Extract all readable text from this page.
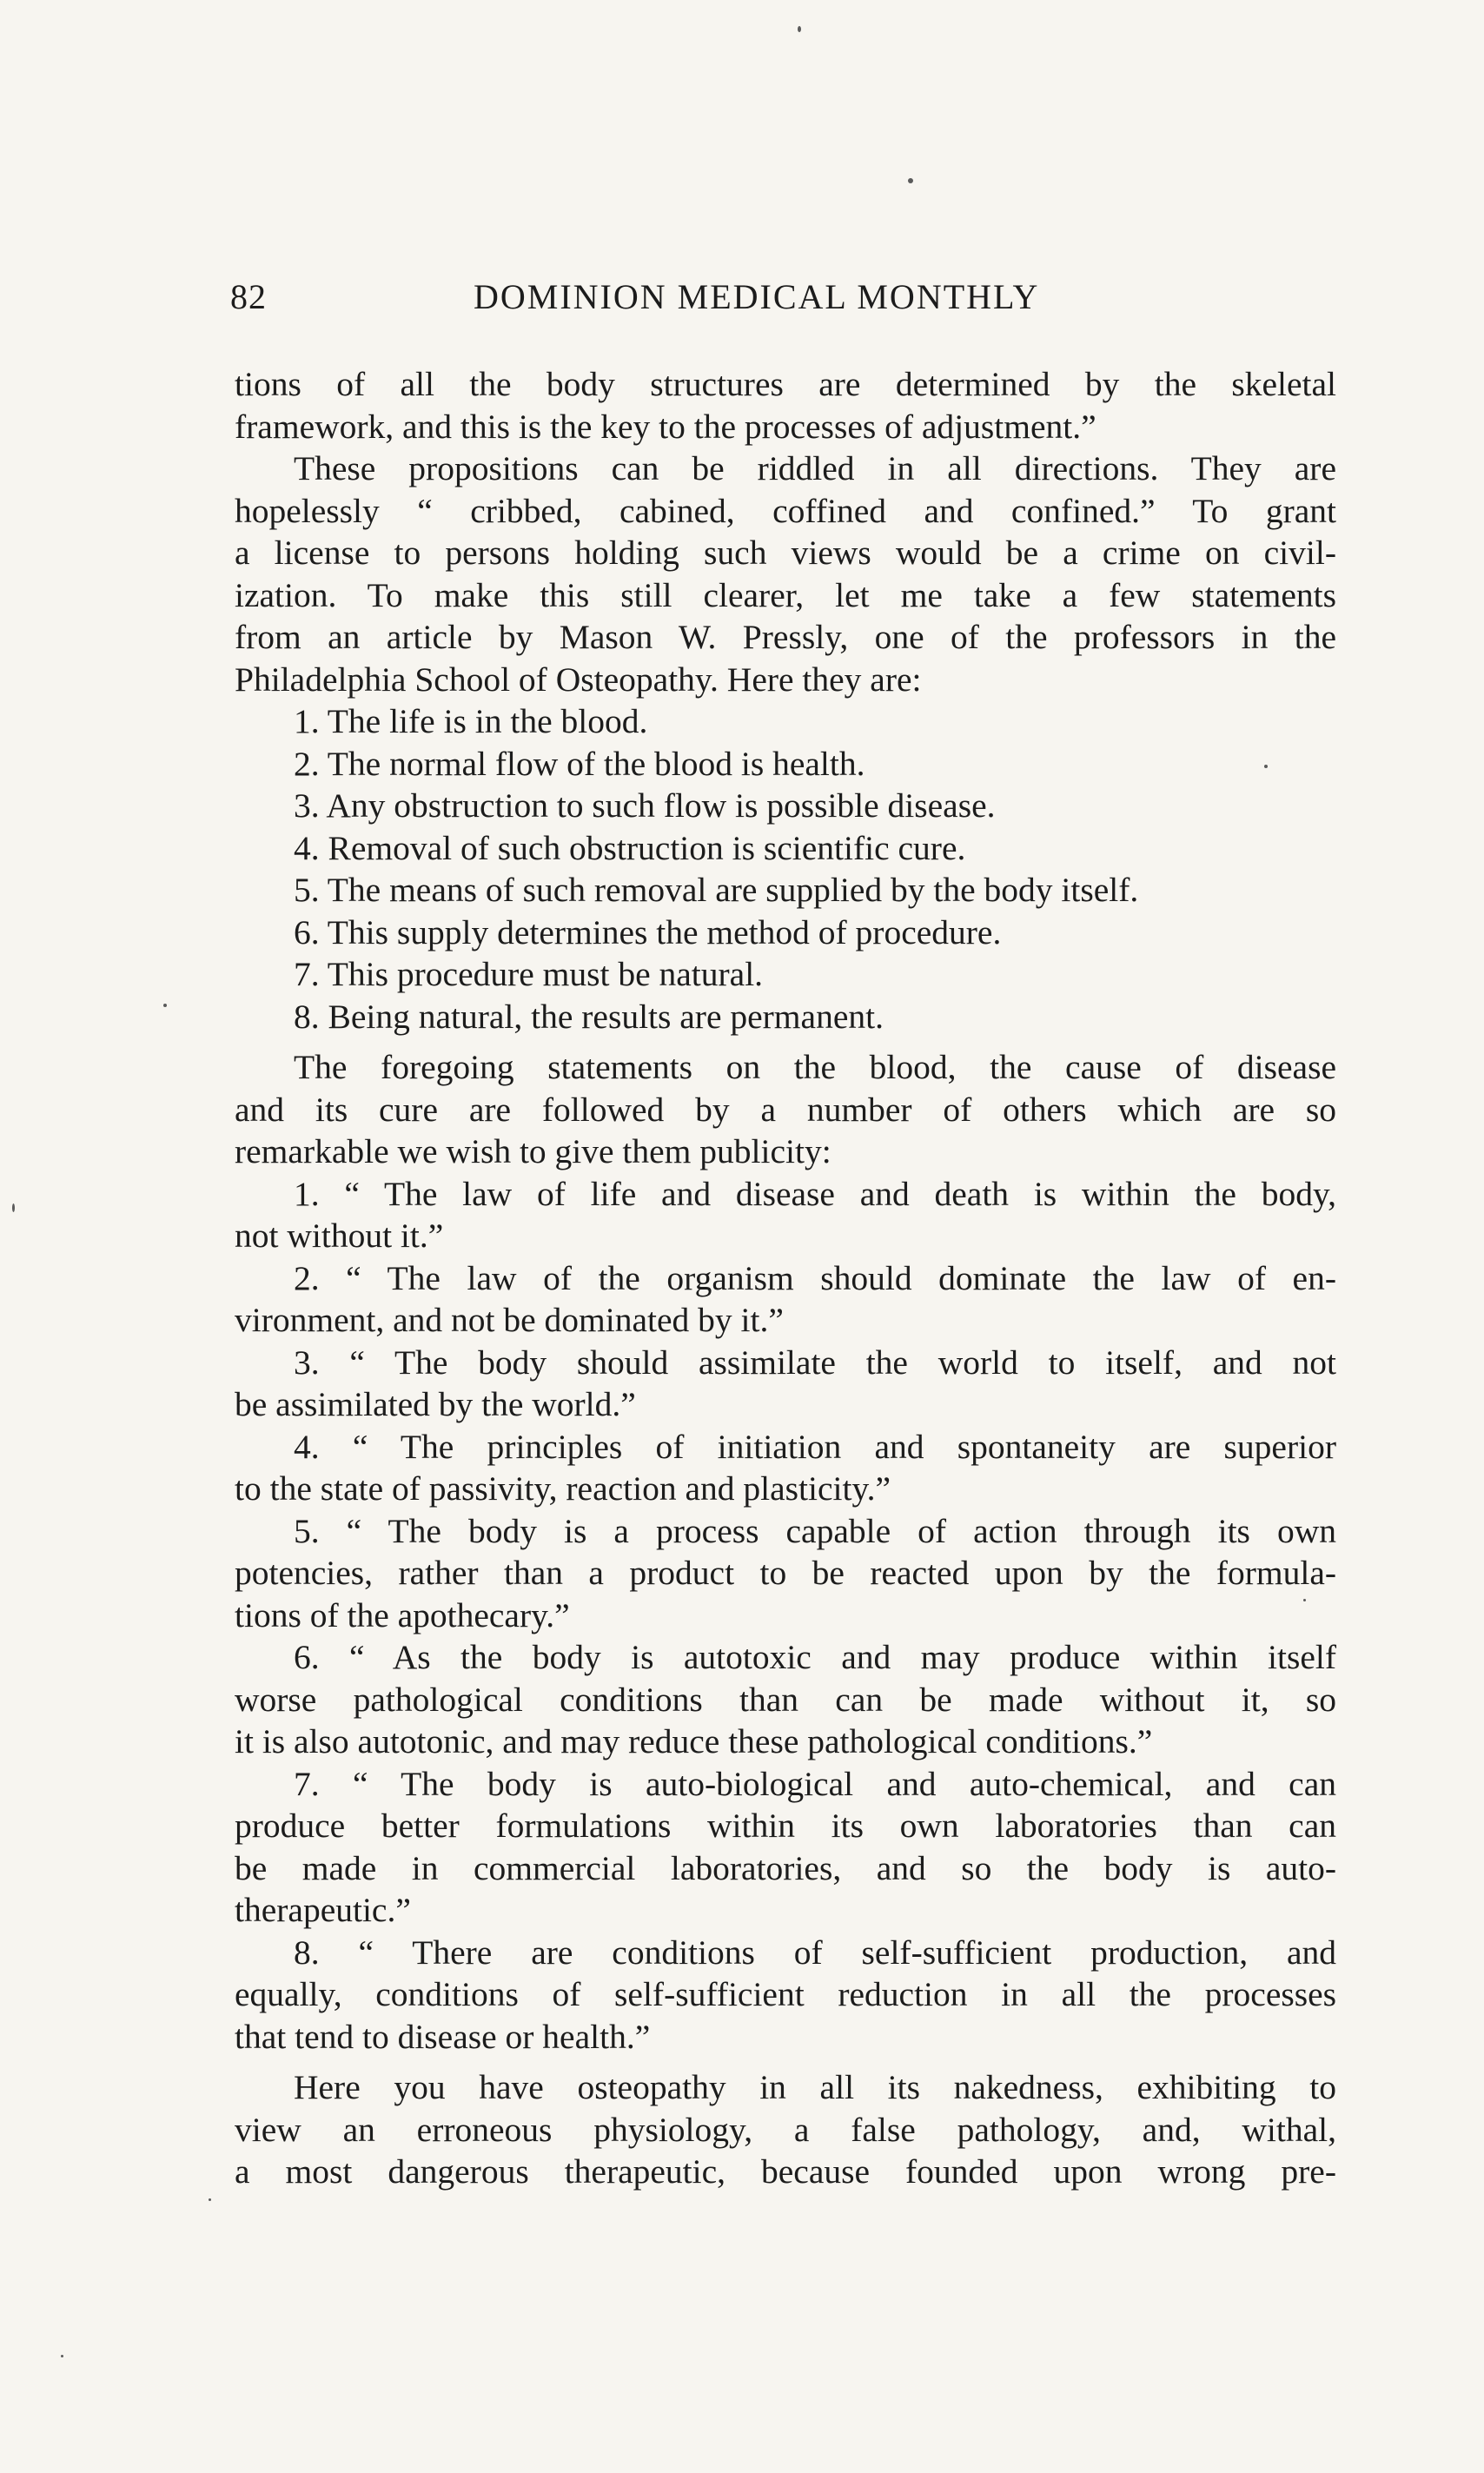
82	DOMINION MEDICAL MONTHLY
tions of all the body structures are determined by the skeletal
framework, and this is the key to the processes of adjustment.”
These propositions can be riddled in all directions. They are
hopelessly “ cribbed, cabined, coffined and confined.” To grant
a license to persons holding such views would be a crime on civil-
ization. To make this still clearer, let me take a few statements
from an article by Mason W. Pressly, one of the professors in the
Philadelphia School of Osteopathy. Here they are:
1. The life is in the blood.
2. The normal flow of the blood is health.
3. Any obstruction to such flow is possible disease.
4. Removal of such obstruction is scientific cure.
5. The means of such removal are supplied by the body itself.
6. This supply determines the method of procedure.
7. This procedure must be natural.
8. Being natural, the results are permanent.
The foregoing statements on the blood, the cause of disease
and its cure are followed by a number of others which are so
remarkable we wish to give them publicity:
1. “ The law of life and disease and death is within the body,
not without it.”
2. “ The law of the organism should dominate the law of en-
vironment, and not be dominated by it.”
3. “ The body should assimilate the world to itself, and not
be assimilated by the world.”
4. “ The principles of initiation and spontaneity are superior
to the state of passivity, reaction and plasticity.”
5. “ The body is a process capable of action through its own
potencies, rather than a product to be reacted upon by the formula-
tions of the apothecary.”
6. “ As the body is autotoxic and may produce within itself
worse pathological conditions than can be made without it, so
it is also autotonic, and may reduce these pathological conditions.”
7. “ The body is auto-biological and auto-chemical, and can
produce better formulations within its own laboratories than can
be made in commercial laboratories, and so the body is auto-
therapeutic.”
8. “ There are conditions of self-sufficient production, and
equally, conditions of self-sufficient reduction in all the processes
that tend to disease or health.”
Here you have osteopathy in all its nakedness, exhibiting to
view an erroneous physiology, a false pathology, and, withal,
a most dangerous therapeutic, because founded upon wrong pre-
